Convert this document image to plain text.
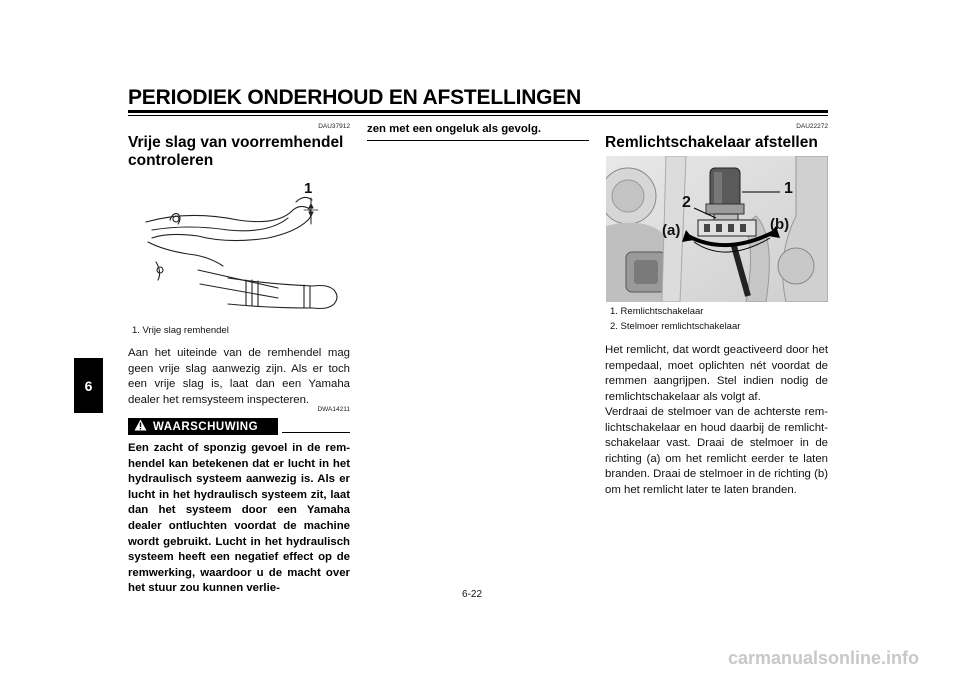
PERIODIEK ONDERHOUD EN AFSTELLINGEN
6
DAU37912
Vrije slag van voorremhendel controleren
1
1. Vrije slag remhendel
Aan het uiteinde van de remhendel mag geen vrije slag aanwezig zijn. Als er toch een vrije slag is, laat dan een Yamaha dealer het remsysteem inspecteren.
DWA14211
WAARSCHUWING
Een zacht of sponzig gevoel in de remhendel kan betekenen dat er lucht in het hydraulisch systeem aanwezig is. Als er lucht in het hydraulisch systeem zit, laat dan het systeem door een Yamaha dealer ontluchten voordat de machine wordt gebruikt. Lucht in het hydraulisch systeem heeft een negatief effect op de remwerking, waardoor u de macht over het stuur zou kunnen verlie-
zen met een ongeluk als gevolg.	DAU22272
Remlichtschakelaar afstellen
1
2
(a)	(b)
1. Remlichtschakelaar
2. Stelmoer remlichtschakelaar
Het remlicht, dat wordt geactiveerd door het rempedaal, moet oplichten nét voordat de remmen aangrijpen. Stel indien nodig de remlichtschakelaar als volgt af.
Verdraai de stelmoer van de achterste remlichtschakelaar en houd daarbij de remlichtschakelaar vast. Draai de stelmoer in de richting (a) om het remlicht eerder te laten branden. Draai de stelmoer in de richting (b) om het remlicht later te laten branden.
6-22
carmanualsonline.info
